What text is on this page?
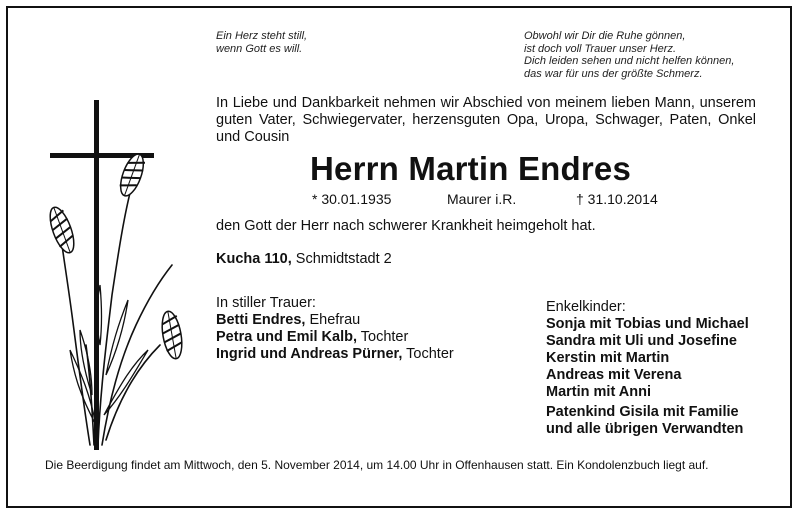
Ein Herz steht still,
wenn Gott es will.
Obwohl wir Dir die Ruhe gönnen,
ist doch voll Trauer unser Herz.
Dich leiden sehen und nicht helfen können,
das war für uns der größte Schmerz.
In Liebe und Dankbarkeit nehmen wir Abschied von meinem lieben Mann, unserem guten Vater, Schwiegervater, herzensguten Opa, Uropa, Schwager, Paten, Onkel und Cousin
Herrn Martin Endres
* 30.01.1935	Maurer i.R.	† 31.10.2014
den Gott der Herr nach schwerer Krankheit heimgeholt hat.
Kucha 110, Schmidtstadt 2
In stiller Trauer:
Betti Endres, Ehefrau
Petra und Emil Kalb, Tochter
Ingrid und Andreas Pürner, Tochter
Enkelkinder:
Sonja mit Tobias und Michael
Sandra mit Uli und Josefine
Kerstin mit Martin
Andreas mit Verena
Martin mit Anni
Patenkind Gisila mit Familie
und alle übrigen Verwandten
Die Beerdigung findet am Mittwoch, den 5. November 2014, um 14.00 Uhr in Offenhausen statt. Ein Kondolenzbuch liegt auf.
